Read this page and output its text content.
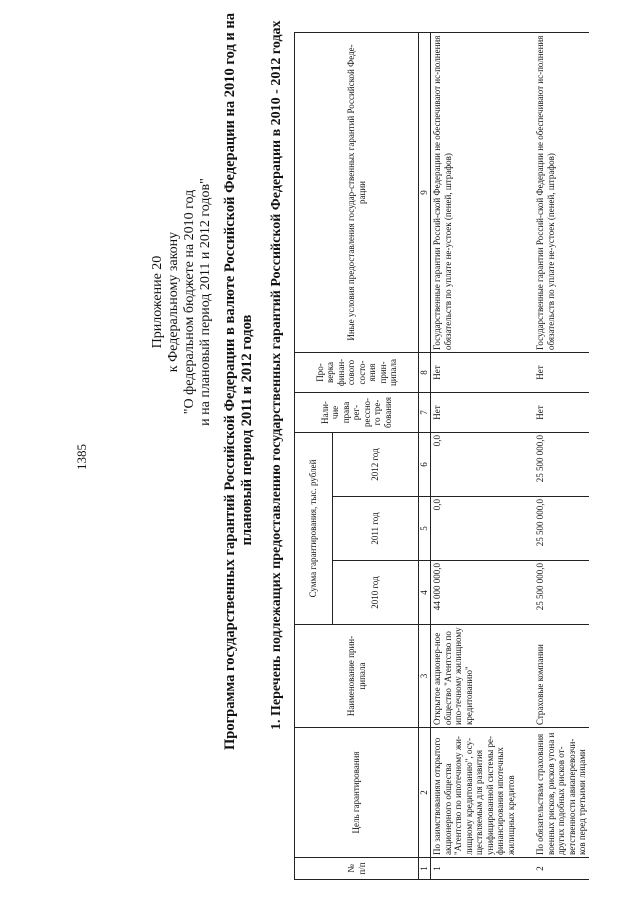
1385
Приложение 20 к Федеральному закону "О федеральном бюджете на 2010 год и на плановый период 2011 и 2012 годов" Программа государственных гарантий Российской Федерации в валюте Российской Федерации на 2010 год и на плановый период 2011 и 2012 годов 1. Перечень подлежащих предоставлению государственных гарантий Российской Федерации в 2010 - 2012 годах
№ п/п	Цель гарантирования	Наименование прин-ципала	Сумма гарантирования, тыс. рублей			Нали-чие права рег-рессно-го тре-бования	Про-верка финан-сового состо-яния прин-ципала	Иные условия предоставления государ-ственных гарантий Российской Феде-рации
			2010 год	2011 год	2012 год			
1	2	3	4	5	6	7	8	9
1	По заимствованиям открытого акционерного общества "Агентство по ипотечному жи-лищному кредитованию", осу-ществляемым для развития унифицированной системы ре-финансирования ипотечных жилищных кредитов	Открытое акционер-ное общество "Агентство по ипо-течному жилищному кредитованию"	44 000 000,0	0,0	0,0	Нет	Нет	Государственные гарантии Россий-ской Федерации не обеспечивают ис-полнения обязательств по уплате не-устоек (пеней, штрафов)
2	По обязательствам страхования военных рисков, рисков угона и других подобных рисков от-ветственности авиаперевозчи-ков перед третьими лицами	Страховые компании	25 500 000,0	25 500 000,0	25 500 000,0	Нет	Нет	Государственные гарантии Россий-ской Федерации не обеспечивают ис-полнения обязательств по уплате не-устоек (пеней, штрафов)
